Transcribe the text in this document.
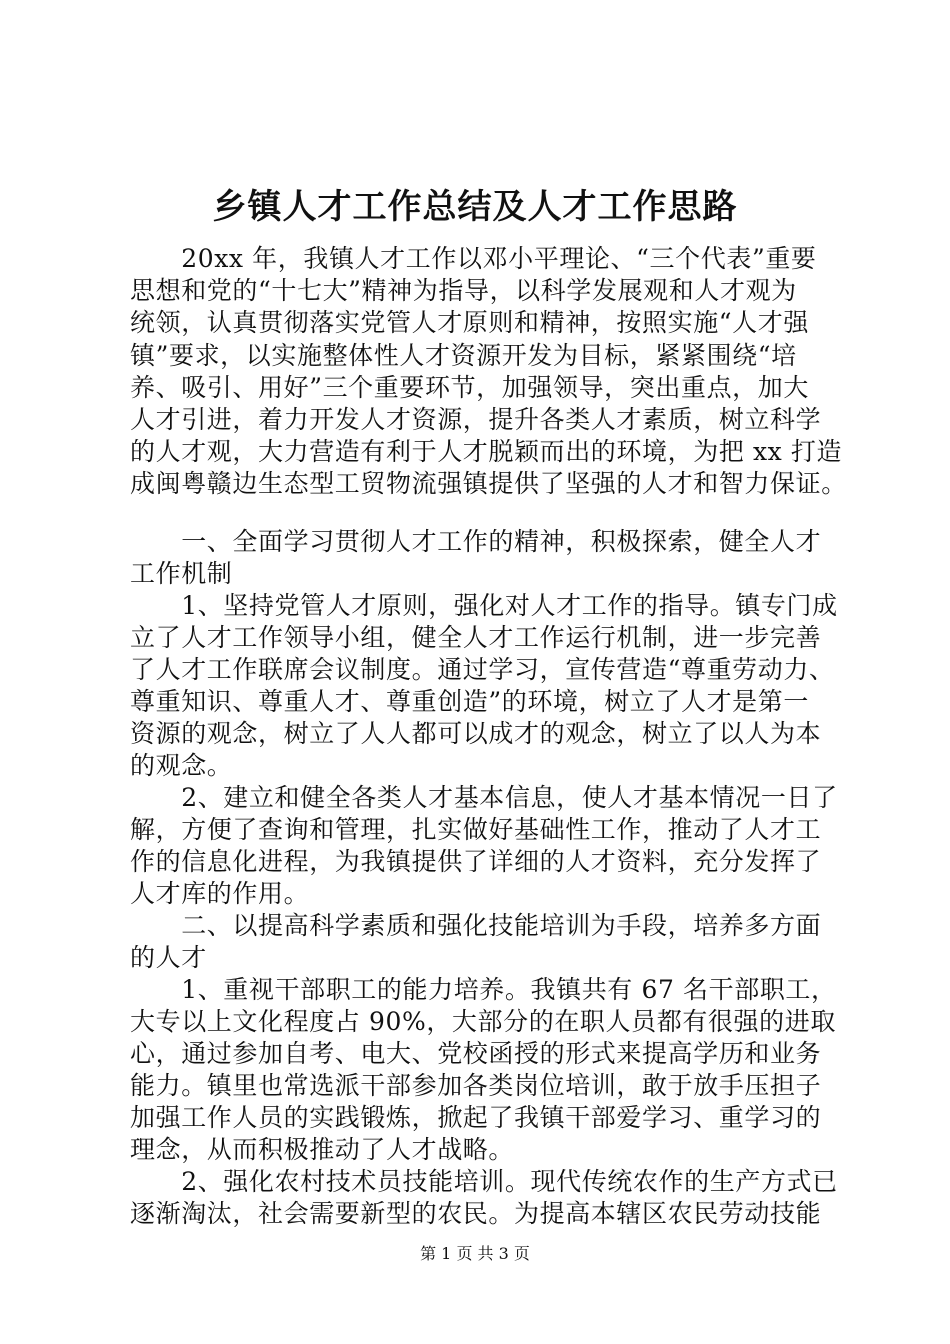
乡镇人才工作总结及人才工作思路
　　20xx 年，我镇人才工作以邓小平理论、“三个代表”重要
思想和党的“十七大”精神为指导，以科学发展观和人才观为
统领，认真贯彻落实党管人才原则和精神，按照实施“人才强
镇”要求，以实施整体性人才资源开发为目标，紧紧围绕“培
养、吸引、用好”三个重要环节，加强领导，突出重点，加大
人才引进，着力开发人才资源，提升各类人才素质，树立科学
的人才观，大力营造有利于人才脱颖而出的环境，为把 xx 打造
成闽粤赣边生态型工贸物流强镇提供了坚强的人才和智力保证。
　　一、全面学习贯彻人才工作的精神，积极探索，健全人才
工作机制
　　1、坚持党管人才原则，强化对人才工作的指导。镇专门成
立了人才工作领导小组，健全人才工作运行机制，进一步完善
了人才工作联席会议制度。通过学习，宣传营造“尊重劳动力、
尊重知识、尊重人才、尊重创造”的环境，树立了人才是第一
资源的观念，树立了人人都可以成才的观念，树立了以人为本
的观念。
　　2、建立和健全各类人才基本信息，使人才基本情况一日了
解，方便了查询和管理，扎实做好基础性工作，推动了人才工
作的信息化进程，为我镇提供了详细的人才资料，充分发挥了
人才库的作用。
　　二、以提高科学素质和强化技能培训为手段，培养多方面
的人才
　　1、重视干部职工的能力培养。我镇共有 67 名干部职工，
大专以上文化程度占 90%，大部分的在职人员都有很强的进取
心，通过参加自考、电大、党校函授的形式来提高学历和业务
能力。镇里也常选派干部参加各类岗位培训，敢于放手压担子
加强工作人员的实践锻炼，掀起了我镇干部爱学习、重学习的
理念，从而积极推动了人才战略。
　　2、强化农村技术员技能培训。现代传统农作的生产方式已
逐渐淘汰，社会需要新型的农民。为提高本辖区农民劳动技能
第 1 页 共 3 页
